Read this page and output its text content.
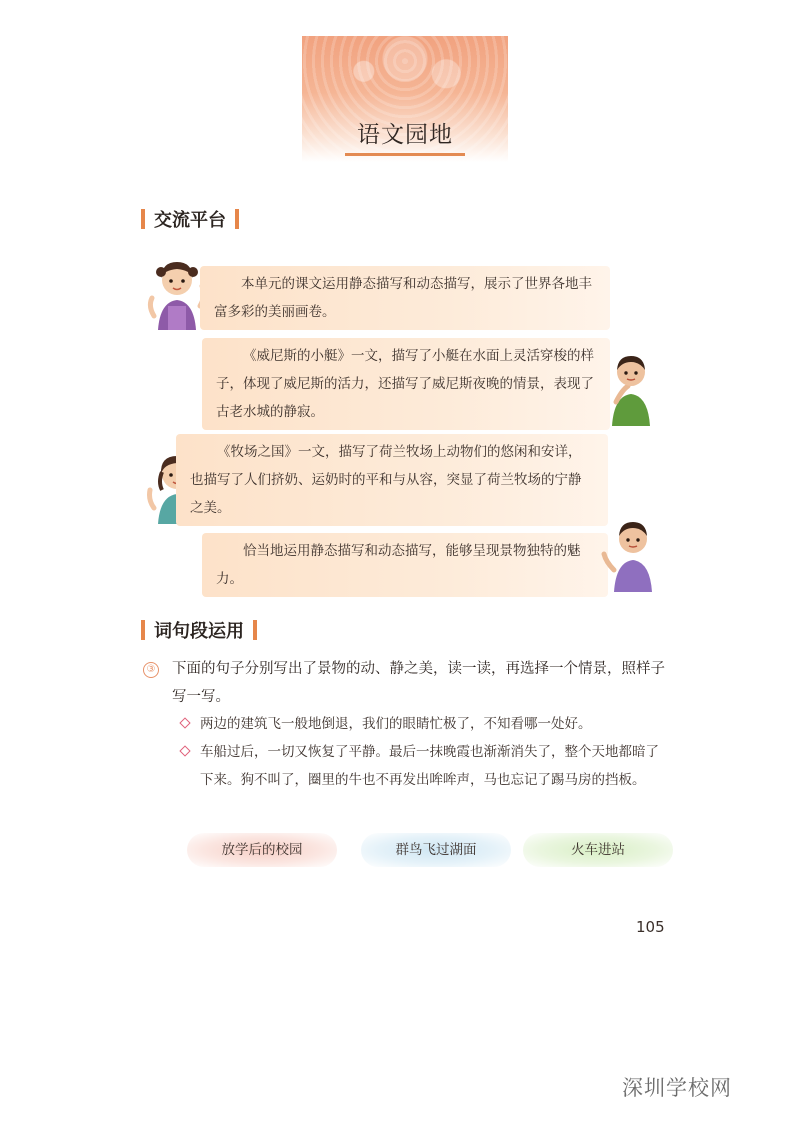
语文园地
交流平台
本单元的课文运用静态描写和动态描写，展示了世界各地丰富多彩的美丽画卷。
《威尼斯的小艇》一文，描写了小艇在水面上灵活穿梭的样子，体现了威尼斯的活力，还描写了威尼斯夜晚的情景，表现了古老水城的静寂。
《牧场之国》一文，描写了荷兰牧场上动物们的悠闲和安详，也描写了人们挤奶、运奶时的平和与从容，突显了荷兰牧场的宁静之美。
恰当地运用静态描写和动态描写，能够呈现景物独特的魅力。
词句段运用
③ 下面的句子分别写出了景物的动、静之美，读一读，再选择一个情景，照样子写一写。
两边的建筑飞一般地倒退，我们的眼睛忙极了，不知看哪一处好。
车船过后，一切又恢复了平静。最后一抹晚霞也渐渐消失了，整个天地都暗了下来。狗不叫了，圈里的牛也不再发出哞哞声，马也忘记了踢马房的挡板。
放学后的校园	群鸟飞过湖面	火车进站
105
深圳学校网
